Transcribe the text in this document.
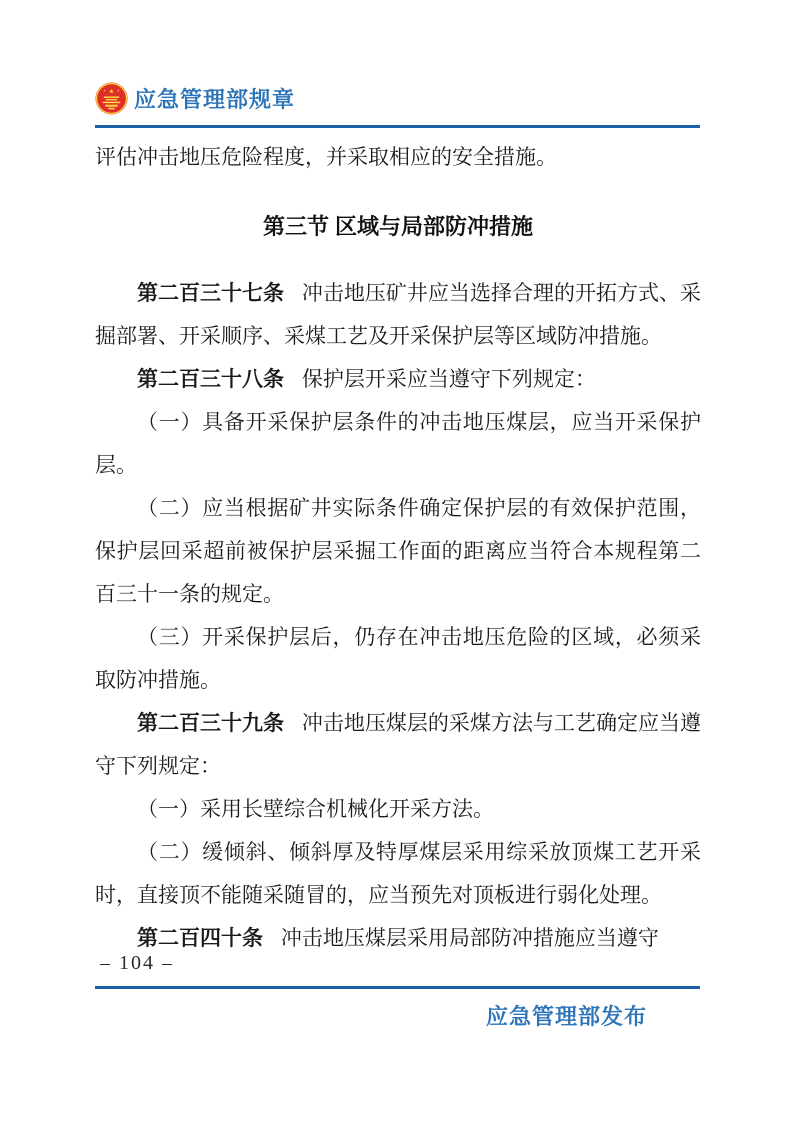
★
★ ★ 应急管理部规章

评估冲击地压危险程度，并采取相应的安全措施。

第三节 区域与局部防冲措施

第二百三十七条 冲击地压矿井应当选择合理的开拓方式、采掘部署、开采顺序、采煤工艺及开采保护层等区域防冲措施。

第二百三十八条 保护层开采应当遵守下列规定：

（一）具备开采保护层条件的冲击地压煤层，应当开采保护层。

（二）应当根据矿井实际条件确定保护层的有效保护范围，保护层回采超前被保护层采掘工作面的距离应当符合本规程第二百三十一条的规定。

（三）开采保护层后，仍存在冲击地压危险的区域，必须采取防冲措施。

第二百三十九条 冲击地压煤层的采煤方法与工艺确定应当遵守下列规定：

（一）采用长壁综合机械化开采方法。

（二）缓倾斜、倾斜厚及特厚煤层采用综采放顶煤工艺开采时，直接顶不能随采随冒的，应当预先对顶板进行弱化处理。

第二百四十条 冲击地压煤层采用局部防冲措施应当遵守

– 104 –
应急管理部发布
